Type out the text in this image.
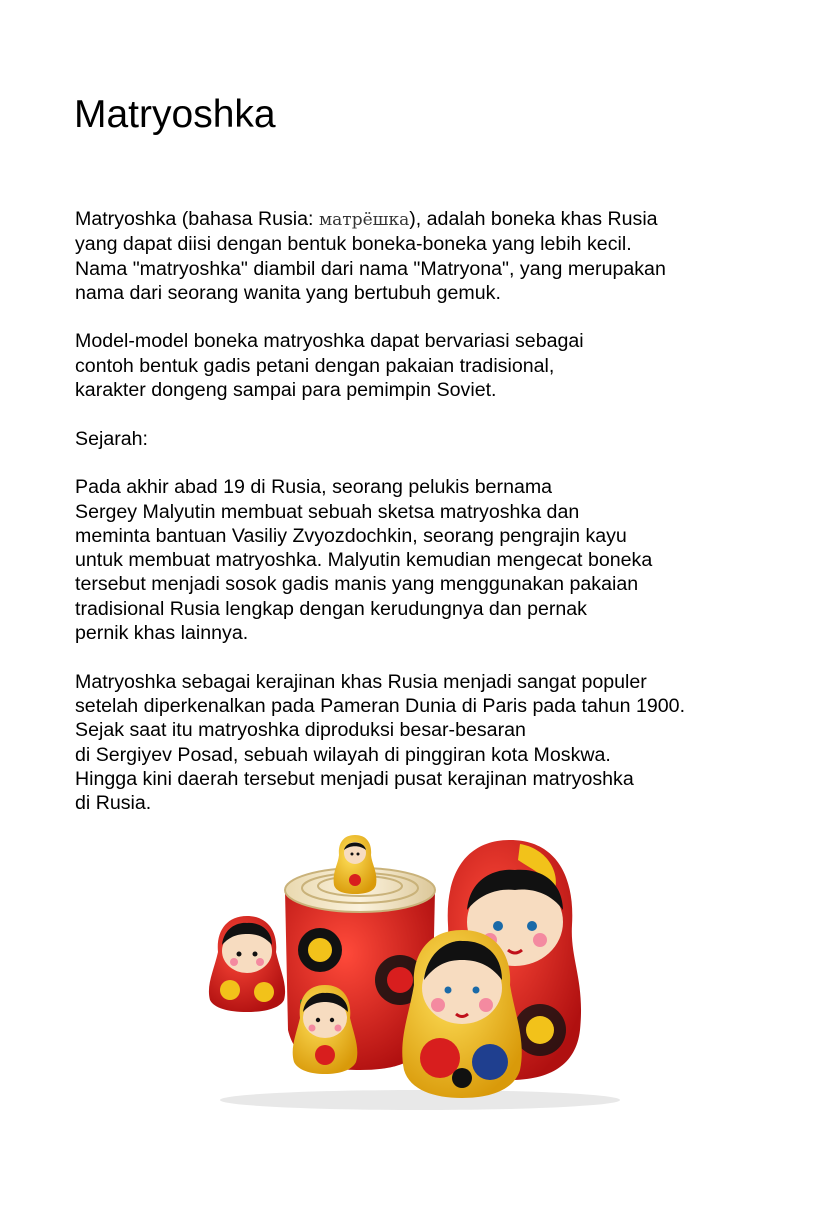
Matryoshka

Matryoshka (bahasa Rusia: матрёшка), adalah boneka khas Rusia
yang dapat diisi dengan bentuk boneka-boneka yang lebih kecil.
Nama "matryoshka" diambil dari nama "Matryona", yang merupakan
nama dari seorang wanita yang bertubuh gemuk.

Model-model boneka matryoshka dapat bervariasi sebagai
contoh bentuk gadis petani dengan pakaian tradisional,
karakter dongeng sampai para pemimpin Soviet.

Sejarah:

Pada akhir abad 19 di Rusia, seorang pelukis bernama
Sergey Malyutin membuat sebuah sketsa matryoshka dan
meminta bantuan Vasiliy Zvyozdochkin, seorang pengrajin kayu
untuk membuat matryoshka. Malyutin kemudian mengecat boneka
tersebut menjadi sosok gadis manis yang menggunakan pakaian
tradisional Rusia lengkap dengan kerudungnya dan pernak
pernik khas lainnya.

Matryoshka sebagai kerajinan khas Rusia menjadi sangat populer
setelah diperkenalkan pada Pameran Dunia di Paris pada tahun 1900.
Sejak saat itu matryoshka diproduksi besar-besaran
di Sergiyev Posad, sebuah wilayah di pinggiran kota Moskwa.
Hingga kini daerah tersebut menjadi pusat kerajinan matryoshka
di Rusia.
